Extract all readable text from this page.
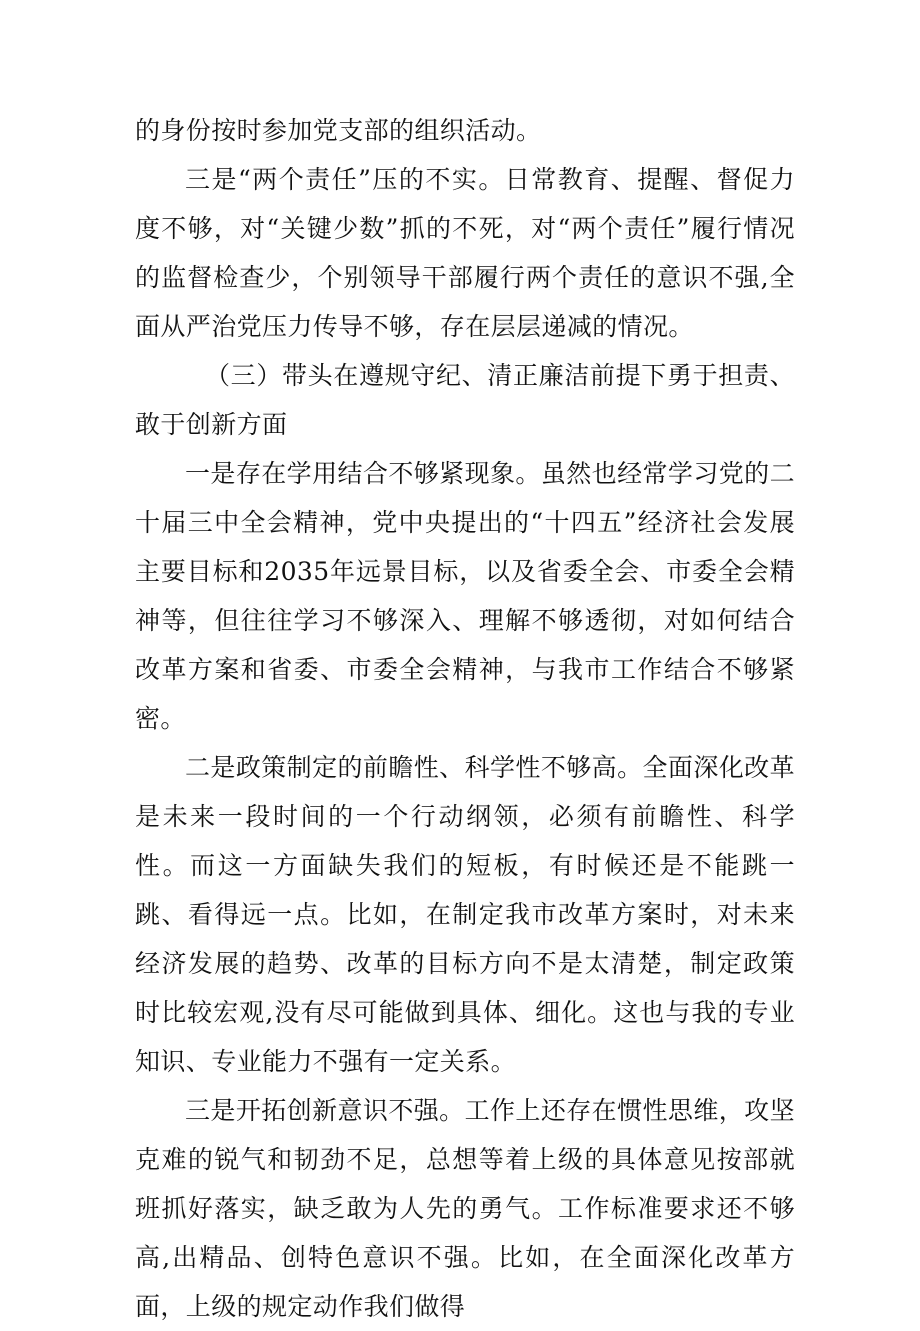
的身份按时参加党支部的组织活动。

三是“两个责任”压的不实。日常教育、提醒、督促力度不够，对“关键少数”抓的不死，对“两个责任”履行情况的监督检查少，个别领导干部履行两个责任的意识不强,全面从严治党压力传导不够，存在层层递减的情况。

（三）带头在遵规守纪、清正廉洁前提下勇于担责、敢于创新方面

一是存在学用结合不够紧现象。虽然也经常学习党的二十届三中全会精神，党中央提出的“十四五”经济社会发展主要目标和2035年远景目标，以及省委全会、市委全会精神等，但往往学习不够深入、理解不够透彻，对如何结合改革方案和省委、市委全会精神，与我市工作结合不够紧密。

二是政策制定的前瞻性、科学性不够高。全面深化改革是未来一段时间的一个行动纲领，必须有前瞻性、科学性。而这一方面缺失我们的短板，有时候还是不能跳一跳、看得远一点。比如，在制定我市改革方案时，对未来经济发展的趋势、改革的目标方向不是太清楚，制定政策时比较宏观,没有尽可能做到具体、细化。这也与我的专业知识、专业能力不强有一定关系。

三是开拓创新意识不强。工作上还存在惯性思维，攻坚克难的锐气和韧劲不足，总想等着上级的具体意见按部就班抓好落实，缺乏敢为人先的勇气。工作标准要求还不够高,出精品、创特色意识不强。比如，在全面深化改革方面，上级的规定动作我们做得
